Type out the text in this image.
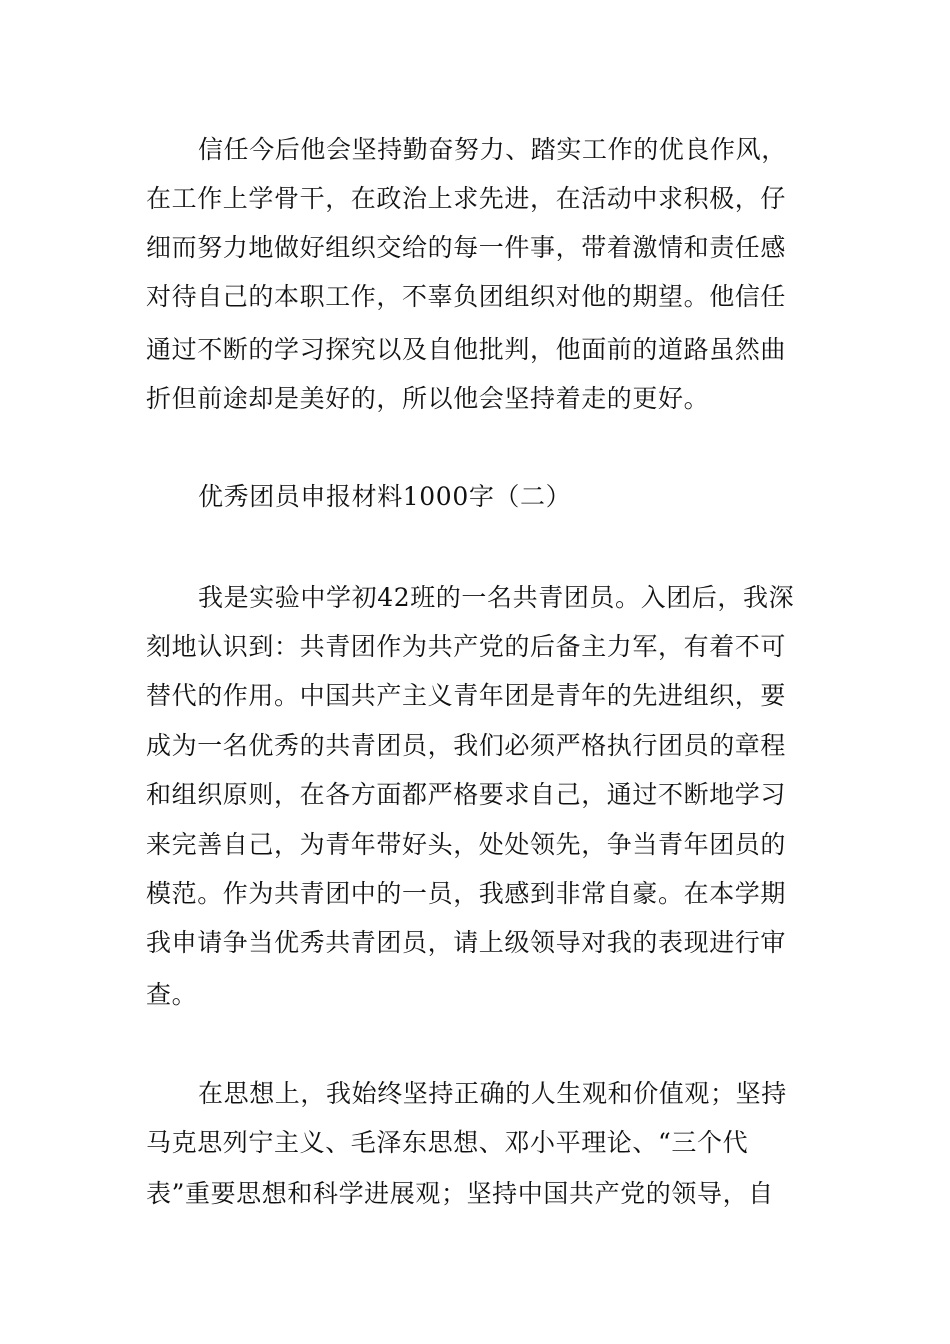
信任今后他会坚持勤奋努力、踏实工作的优良作风，
在工作上学骨干，在政治上求先进，在活动中求积极，仔
细而努力地做好组织交给的每一件事，带着激情和责任感
对待自己的本职工作，不辜负团组织对他的期望。他信任
通过不断的学习探究以及自他批判，他面前的道路虽然曲
折但前途却是美好的，所以他会坚持着走的更好。
优秀团员申报材料1000字（二）
我是实验中学初42班的一名共青团员。入团后，我深
刻地认识到：共青团作为共产党的后备主力军，有着不可
替代的作用。中国共产主义青年团是青年的先进组织，要
成为一名优秀的共青团员，我们必须严格执行团员的章程
和组织原则，在各方面都严格要求自己，通过不断地学习
来完善自己，为青年带好头，处处领先，争当青年团员的
模范。作为共青团中的一员，我感到非常自豪。在本学期
我申请争当优秀共青团员，请上级领导对我的表现进行审
查。
在思想上，我始终坚持正确的人生观和价值观；坚持
马克思列宁主义、毛泽东思想、邓小平理论、“三个代
表”重要思想和科学进展观；坚持中国共产党的领导，自
